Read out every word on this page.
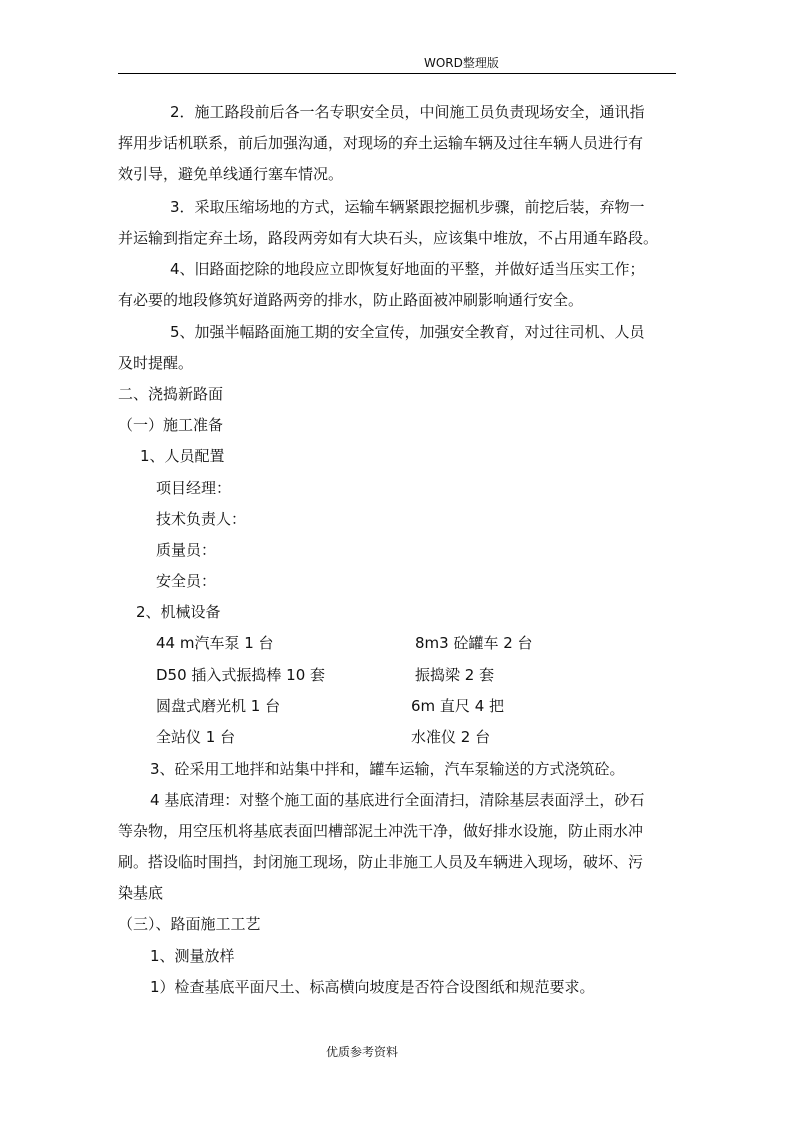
WORD整理版
2．施工路段前后各一名专职安全员，中间施工员负责现场安全，通讯指
挥用步话机联系，前后加强沟通，对现场的弃土运输车辆及过往车辆人员进行有
效引导，避免单线通行塞车情况。
3．采取压缩场地的方式，运输车辆紧跟挖掘机步骤，前挖后装，弃物一
并运输到指定弃土场，路段两旁如有大块石头，应该集中堆放，不占用通车路段。
4、旧路面挖除的地段应立即恢复好地面的平整，并做好适当压实工作；
有必要的地段修筑好道路两旁的排水，防止路面被冲刷影响通行安全。
5、加强半幅路面施工期的安全宣传，加强安全教育，对过往司机、人员
及时提醒。
二、浇捣新路面
（一）施工准备
1、人员配置
项目经理：
技术负责人：
质量员：
安全员：
2、机械设备
44 m汽车泵 1 台	8m3 砼罐车 2 台
D50 插入式振捣棒 10 套	振捣梁 2 套
圆盘式磨光机 1 台	6m 直尺 4 把
全站仪 1 台	水准仪 2 台
3、砼采用工地拌和站集中拌和，罐车运输，汽车泵输送的方式浇筑砼。
4 基底清理：对整个施工面的基底进行全面清扫，清除基层表面浮土，砂石
等杂物，用空压机将基底表面凹槽部泥土冲洗干净，做好排水设施，防止雨水冲
刷。搭设临时围挡，封闭施工现场，防止非施工人员及车辆进入现场，破坏、污
染基底
（三）、路面施工工艺
1、测量放样
1）检查基底平面尺土、标高横向坡度是否符合设图纸和规范要求。
优质参考资料
